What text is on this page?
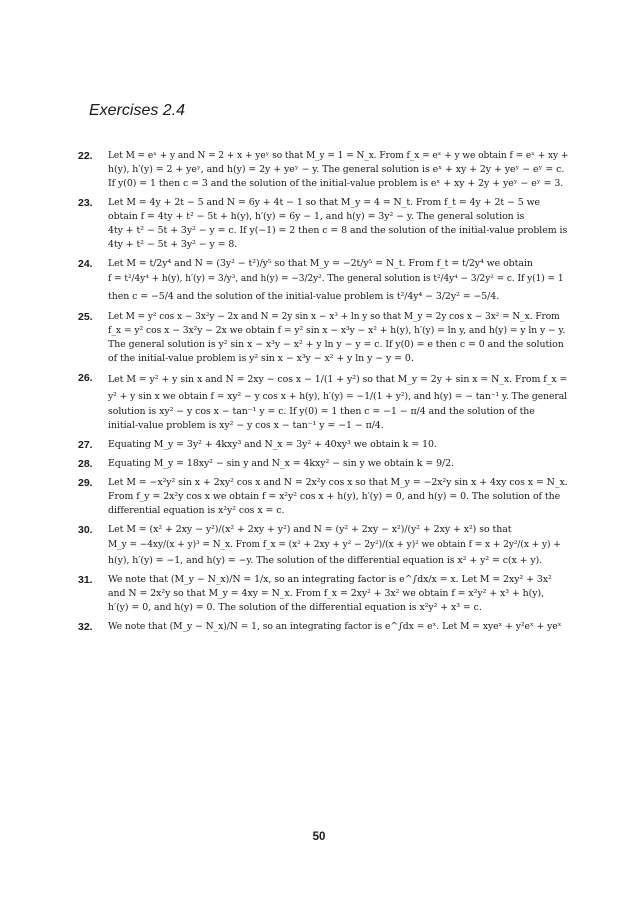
Exercises 2.4
22.	Let M = eˣ + y and N = 2 + x + yeʸ so that M_y = 1 = N_x. From f_x = eˣ + y we obtain f = eˣ + xy +
h(y), h′(y) = 2 + yeʸ, and h(y) = 2y + yeʸ − y. The general solution is eˣ + xy + 2y + yeʸ − eʸ = c.
If y(0) = 1 then c = 3 and the solution of the initial-value problem is eˣ + xy + 2y + yeʸ − eʸ = 3.
23.	Let M = 4y + 2t − 5 and N = 6y + 4t − 1 so that M_y = 4 = N_t. From f_t = 4y + 2t − 5 we
obtain f = 4ty + t² − 5t + h(y), h′(y) = 6y − 1, and h(y) = 3y² − y. The general solution is
4ty + t² − 5t + 3y² − y = c. If y(−1) = 2 then c = 8 and the solution of the initial-value problem is
4ty + t² − 5t + 3y² − y = 8.
24.	Let M = t/2y⁴ and N = (3y² − t²)/y⁵ so that M_y = −2t/y⁵ = N_t. From f_t = t/2y⁴ we obtain
f = t²/4y⁴ + h(y), h′(y) = 3/y³, and h(y) = −3/2y². The general solution is t²/4y⁴ − 3/2y² = c. If y(1) = 1
then c = −5/4 and the solution of the initial-value problem is t²/4y⁴ − 3/2y² = −5/4.
25.	Let M = y² cos x − 3x²y − 2x and N = 2y sin x − x³ + ln y so that M_y = 2y cos x − 3x² = N_x. From
f_x = y² cos x − 3x²y − 2x we obtain f = y² sin x − x³y − x² + h(y), h′(y) = ln y, and h(y) = y ln y − y.
The general solution is y² sin x − x³y − x² + y ln y − y = c. If y(0) = e then c = 0 and the solution
of the initial-value problem is y² sin x − x³y − x² + y ln y − y = 0.
26.	Let M = y² + y sin x and N = 2xy − cos x − 1/(1 + y²) so that M_y = 2y + sin x = N_x. From f_x =
y² + y sin x we obtain f = xy² − y cos x + h(y), h′(y) = −1/(1 + y²), and h(y) = − tan⁻¹ y. The general
solution is xy² − y cos x − tan⁻¹ y = c. If y(0) = 1 then c = −1 − π/4 and the solution of the
initial-value problem is xy² − y cos x − tan⁻¹ y = −1 − π/4.
27.	Equating M_y = 3y² + 4kxy³ and N_x = 3y² + 40xy³ we obtain k = 10.
28.	Equating M_y = 18xy² − sin y and N_x = 4kxy² − sin y we obtain k = 9/2.
29.	Let M = −x²y² sin x + 2xy² cos x and N = 2x²y cos x so that M_y = −2x²y sin x + 4xy cos x = N_x.
From f_y = 2x²y cos x we obtain f = x²y² cos x + h(y), h′(y) = 0, and h(y) = 0. The solution of the
differential equation is x²y² cos x = c.
30.	Let M = (x² + 2xy − y²)/(x² + 2xy + y²) and N = (y² + 2xy − x²)/(y² + 2xy + x²) so that
M_y = −4xy/(x + y)³ = N_x. From f_x = (x² + 2xy + y² − 2y²)/(x + y)² we obtain f = x + 2y²/(x + y) +
h(y), h′(y) = −1, and h(y) = −y. The solution of the differential equation is x² + y² = c(x + y).
31.	We note that (M_y − N_x)/N = 1/x, so an integrating factor is e^∫dx/x = x. Let M = 2xy² + 3x²
and N = 2x²y so that M_y = 4xy = N_x. From f_x = 2xy² + 3x² we obtain f = x²y² + x³ + h(y),
h′(y) = 0, and h(y) = 0. The solution of the differential equation is x²y² + x³ = c.
32.	We note that (M_y − N_x)/N = 1, so an integrating factor is e^∫dx = eˣ. Let M = xyeˣ + y²eˣ + yeˣ
50
